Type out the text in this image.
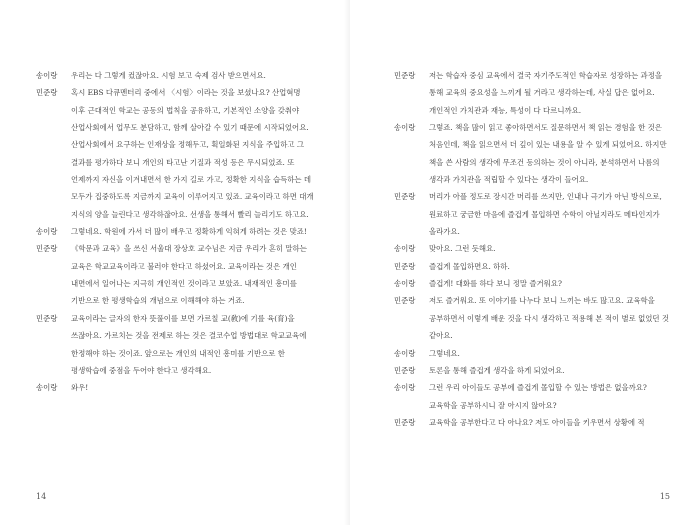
송이랑	우리는 다 그렇게 컸잖아요. 시험 보고 숙제 검사 받으면서요.
민준랑	혹시 EBS 다큐멘터리 중에서 〈시험〉이라는 것을 보셨나요? 산업혁명 이후 근대적인 학교는 공동의 법칙을 공유하고, 기본적인 소양을 갖춰야 산업사회에서 업무도 분담하고, 함께 살아갈 수 있기 때문에 시작되었어요. 산업사회에서 요구하는 인재상을 정해두고, 획일화된 지식을 주입하고 그 결과를 평가하다 보니 개인의 타고난 기질과 적성 등은 무시되었죠. 또 언제까지 자신을 이겨내면서 한 가지 길로 가고, 정확한 지식을 습득하는 데 모두가 집중하도록 지금까지 교육이 이루어지고 있죠. 교육이라고 하면 대개 지식의 양을 늘린다고 생각하잖아요. 선생을 통해서 빨리 늘리기도 하고요.
송이랑	그렇네요. 학원에 가서 더 많이 배우고 정확하게 익혀게 하려는 것은 맞죠!
민준랑	《학문과 교육》을 쓰신 서울대 장상호 교수님은 지금 우리가 흔히 말하는 교육은 학교교육이라고 불러야 한다고 하셨어요. 교육이라는 것은 개인 내면에서 일어나는 지극히 개인적인 것이라고 보았죠. 내재적인 흥미를 기반으로 한 평생학습의 개념으로 이해해야 하는 거죠.
민준랑	교육이라는 글자의 한자 뜻풀이를 보면 가르칠 교(敎)에 기를 육(育)을 쓰잖아요. 가르치는 것을 전제로 하는 것은 결코수업 방법대로 학교교육에 한정해야 하는 것이죠. 앞으로는 개인의 내적인 흥미를 기반으로 한 평생학습에 중점을 두어야 한다고 생각해요.
송이랑	와우!
14
민준랑	저는 학습자 중심 교육에서 결국 자기주도적인 학습자로 성장하는 과정을 통해 교육의 중요성을 느끼게 될 거라고 생각하는데, 사실 답은 없어요. 개인적인 가치관과 재능, 특성이 다 다르니까요.
송이랑	그렇죠. 책을 많이 읽고 좋아하면서도 질문하면서 책 읽는 경험을 한 것은 처음인데, 책을 읽으면서 더 깊이 있는 내용을 알 수 있게 되었어요. 하지만 책을 쓴 사람의 생각에 무조건 동의하는 것이 아니라, 분석하면서 나름의 생각과 가치관을 적립할 수 있다는 생각이 들어요.
민준랑	머리가 아플 정도로 장시간 머리를 쓰지만, 인내나 극기가 아닌 방식으로, 원료하고 궁금한 마음에 즐겁게 몰입하면 수학이 아닐지라도 메타인지가 올라가요.
송이랑	맞아요. 그런 듯해요.
민준랑	즐겁게 몰입하면요. 하하.
송이랑	즐겁게! 대화를 하다 보니 정말 즐거워요?
민준랑	저도 즐거워요. 또 이야기를 나누다 보니 느끼는 바도 많고요. 교육학을 공부하면서 이렇게 배운 것을 다시 생각하고 적용해 본 적이 별로 없었던 것 같아요.
송이랑	그렇네요.
민준랑	토론을 통해 즐겁게 생각을 하게 되었어요.
송이랑	그런 우리 아이들도 공부에 즐겁게 몰입할 수 있는 방법은 없을까요? 교육학을 공부하시니 잘 아시지 않아요?
민준랑	교육학을 공부한다고 다 아나요? 저도 아이들을 키우면서 상황에 적
15
